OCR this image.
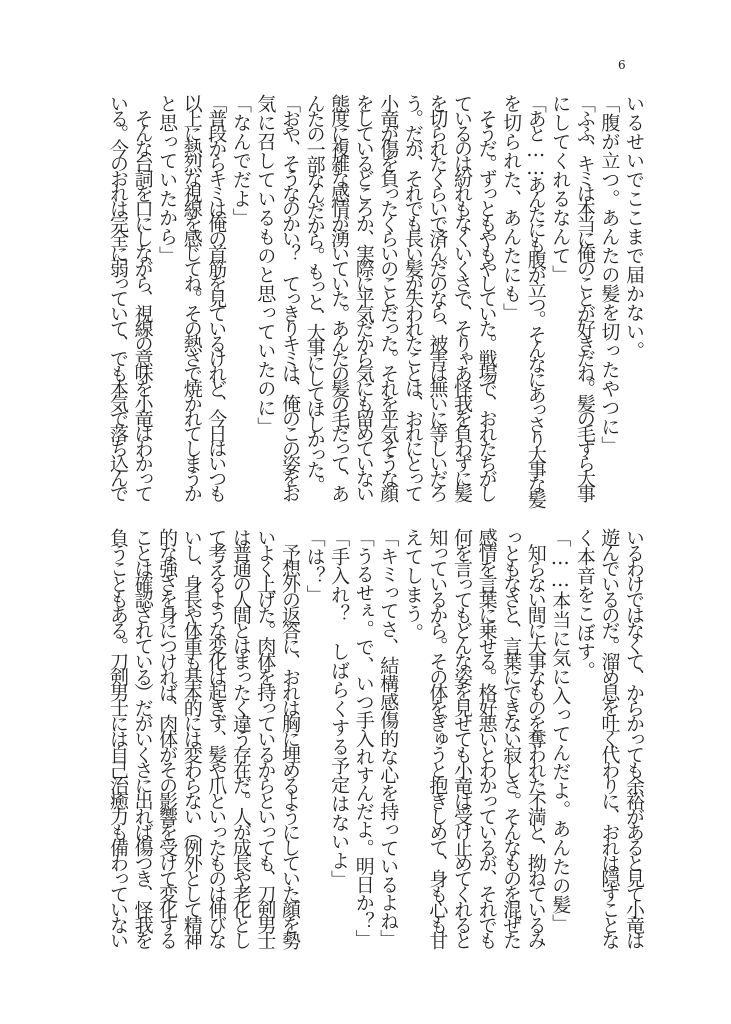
6
いるせいでここまで届かない。
「腹が立つ。あんたの髪を切ったやつに」
「ふふ、キミは本当に俺のことが好きだね。髪の毛すら大事
にしてくれるなんて」
「あと……あんたにも腹が立つ。そんなにあっさり大事な髪
を切られた、あんたにも」
　そうだ。ずっともやもやしていた。戦場で、おれたちがし
ているのは紛れもなくいくさで、そりゃあ怪我を負わずに髪
を切られたくらいで済んだのなら、被害は無いに等しいだろ
う。だが、それでも長い髪が失われたことは、おれにとって
小竜が傷を負ったくらいのことだった。それを平気そうな顔
をしているどころか、実際に平気だから気にも留めていない
態度に複雑な感情が湧いていた。あんたの髪の毛だって、あ
んたの一部なんだから。もっと、大事にしてほしかった。
「おや、そうなのかい？　てっきりキミは、俺のこの姿をお
気に召しているものと思っていたのに」
「なんでだよ」
「普段からキミは俺の首筋を見ているけれど、今日はいつも
以上に熱烈な視線を感じてね。その熱さで焼かれてしまうか
と思っていたから」
　そんな台詞を口にしながら、視線の意味を小竜はわかって
いる。今のおれは完全に弱っていて、でも本気で落ち込んで
いるわけではなくて、からかっても余裕があると見て小竜は
遊んでいるのだ。溜め息を吐く代わりに、おれは隠すことな
く本音をこぼす。
「……本当に気に入ってんだよ。あんたの髪」
　知らない間に大事なものを奪われた不満と、拗ねているみ
っともなさと、言葉にできない寂しさ。そんなものを混ぜた
感情を言葉に乗せる。格好悪いとわかっているが、それでも
何を言ってもどんな姿を見せても小竜は受け止めてくれると
知っているから。その体をぎゅうと抱きしめて、身も心も甘
えてしまう。
「キミってさ、結構感傷的な心を持っているよね」
「うるせぇ。で、いつ手入れすんだよ。明日か？」
「手入れ？　しばらくする予定はないよ」
「は？」
　予想外の返答に、おれは胸に埋めるようにしていた顔を勢
いよく上げた。肉体を持っているからといっても、刀剣男士
は普通の人間とはまったく違う存在だ。人が成長や老化とし
て考えるような変化は起きず、髪や爪といったものは伸びな
いし、身長や体重も基本的には変わらない（例外として精神
的な強さを身につければ、肉体がその影響を受けて変化する
ことは確認されている）だがいくさに出れば傷つき、怪我を
負うこともある。刀剣男士には自己治癒力も備わっていない
